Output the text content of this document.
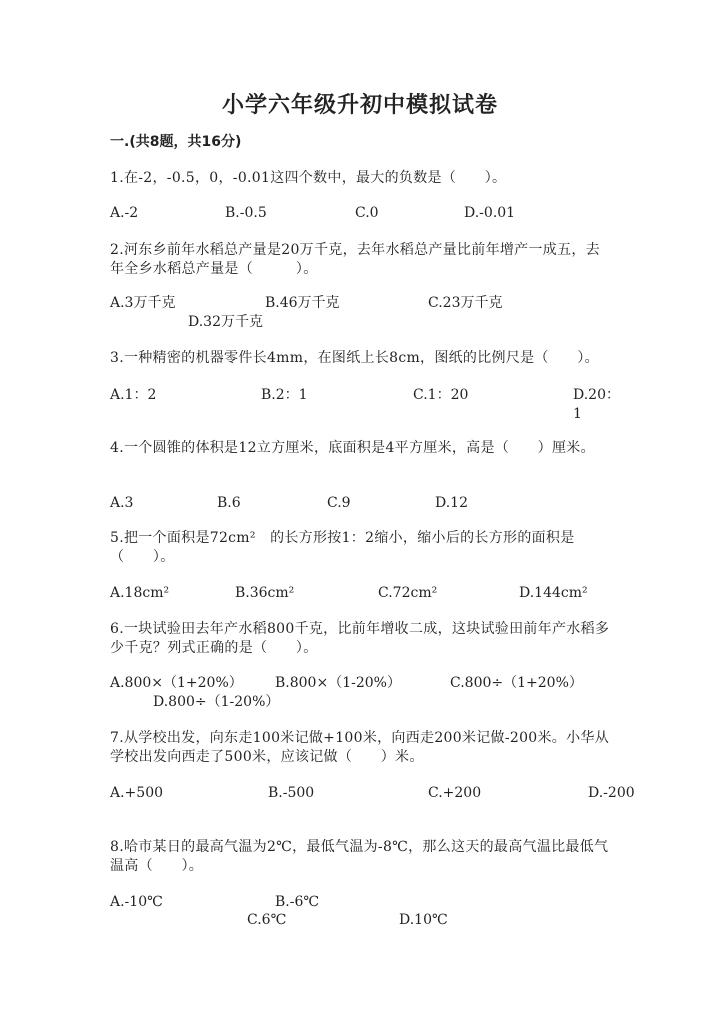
小学六年级升初中模拟试卷
一.(共8题，共16分)
1.在-2，-0.5，0，-0.01这四个数中，最大的负数是（　　）。
A.-2	B.-0.5	C.0	D.-0.01
2.河东乡前年水稻总产量是20万千克，去年水稻总产量比前年增产一成五，去年全乡水稻总产量是（　　　）。
A.3万千克	B.46万千克	C.23万千克
D.32万千克
3.一种精密的机器零件长4mm，在图纸上长8cm，图纸的比例尺是（　　）。
A.1：2	B.2：1	C.1：20	D.20：1
4.一个圆锥的体积是12立方厘米，底面积是4平方厘米，高是（　　）厘米。
A.3	B.6	C.9	D.12
5.把一个面积是72cm²　的长方形按1：2缩小，缩小后的长方形的面积是（　　）。
A.18cm²	B.36cm²	C.72cm²	D.144cm²
6.一块试验田去年产水稻800千克，比前年增收二成，这块试验田前年产水稻多少千克？列式正确的是（　　）。
A.800×（1+20%） B.800×（1-20%）	C.800÷（1+20%）
D.800÷（1-20%）
7.从学校出发，向东走100米记做+100米，向西走200米记做-200米。小华从学校出发向西走了500米，应该记做（　　）米。
A.+500	B.-500	C.+200	D.-200
8.哈市某日的最高气温为2℃，最低气温为-8℃，那么这天的最高气温比最低气温高（　　）。
A.-10℃	B.-6℃
C.6℃	D.10℃
